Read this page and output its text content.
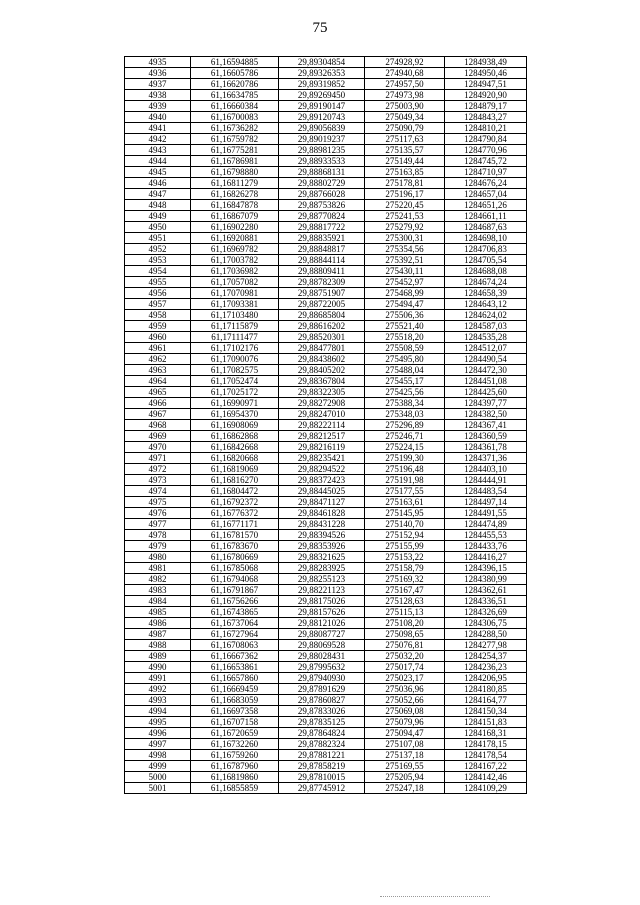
75
4935	61,16594885	29,89304854	274928,92	1284938,49
4936	61,16605786	29,89326353	274940,68	1284950,46
4937	61,16620786	29,89319852	274957,50	1284947,51
4938	61,16634785	29,89269450	274973,98	1284920,90
4939	61,16660384	29,89190147	275003,90	1284879,17
4940	61,16700083	29,89120743	275049,34	1284843,27
4941	61,16736282	29,89056839	275090,79	1284810,21
4942	61,16759782	29,89019237	275117,63	1284790,84
4943	61,16775281	29,88981235	275135,57	1284770,96
4944	61,16786981	29,88933533	275149,44	1284745,72
4945	61,16798880	29,88868131	275163,85	1284710,97
4946	61,16811279	29,88802729	275178,81	1284676,24
4947	61,16826278	29,88766028	275196,17	1284657,04
4948	61,16847878	29,88753826	275220,45	1284651,26
4949	61,16867079	29,88770824	275241,53	1284661,11
4950	61,16902280	29,88817722	275279,92	1284687,63
4951	61,16920881	29,88835921	275300,31	1284698,10
4952	61,16969782	29,88848817	275354,56	1284706,83
4953	61,17003782	29,88844114	275392,51	1284705,54
4954	61,17036982	29,88809411	275430,11	1284688,08
4955	61,17057082	29,88782309	275452,97	1284674,24
4956	61,17070981	29,88751907	275468,99	1284658,39
4957	61,17093381	29,88722005	275494,47	1284643,12
4958	61,17103480	29,88685804	275506,36	1284624,02
4959	61,17115879	29,88616202	275521,40	1284587,03
4960	61,17111477	29,88520301	275518,20	1284535,28
4961	61,17102176	29,88477801	275508,59	1284512,07
4962	61,17090076	29,88438602	275495,80	1284490,54
4963	61,17082575	29,88405202	275488,04	1284472,30
4964	61,17052474	29,88367804	275455,17	1284451,08
4965	61,17025172	29,88322305	275425,56	1284425,60
4966	61,16990971	29,88272908	275388,34	1284397,77
4967	61,16954370	29,88247010	275348,03	1284382,50
4968	61,16908069	29,88222114	275296,89	1284367,41
4969	61,16862868	29,88212517	275246,71	1284360,59
4970	61,16842668	29,88216119	275224,15	1284361,78
4971	61,16820668	29,88235421	275199,30	1284371,36
4972	61,16819069	29,88294522	275196,48	1284403,10
4973	61,16816270	29,88372423	275191,98	1284444,91
4974	61,16804472	29,88445025	275177,55	1284483,54
4975	61,16792372	29,88471127	275163,61	1284497,14
4976	61,16776372	29,88461828	275145,95	1284491,55
4977	61,16771171	29,88431228	275140,70	1284474,89
4978	61,16781570	29,88394526	275152,94	1284455,53
4979	61,16783670	29,88353926	275155,99	1284433,76
4980	61,16780669	29,88321625	275153,22	1284416,27
4981	61,16785068	29,88283925	275158,79	1284396,15
4982	61,16794068	29,88255123	275169,32	1284380,99
4983	61,16791867	29,88221123	275167,47	1284362,61
4984	61,16756266	29,88175026	275128,63	1284336,51
4985	61,16743865	29,88157626	275115,13	1284326,69
4986	61,16737064	29,88121026	275108,20	1284306,75
4987	61,16727964	29,88087727	275098,65	1284288,50
4988	61,16708063	29,88069528	275076,81	1284277,98
4989	61,16667362	29,88028431	275032,20	1284254,37
4990	61,16653861	29,87995632	275017,74	1284236,23
4991	61,16657860	29,87940930	275023,17	1284206,95
4992	61,16669459	29,87891629	275036,96	1284180,85
4993	61,16683059	29,87860827	275052,66	1284164,77
4994	61,16697358	29,87833026	275069,08	1284150,34
4995	61,16707158	29,87835125	275079,96	1284151,83
4996	61,16720659	29,87864824	275094,47	1284168,31
4997	61,16732260	29,87882324	275107,08	1284178,15
4998	61,16759260	29,87881221	275137,18	1284178,54
4999	61,16787960	29,87858219	275169,55	1284167,22
5000	61,16819860	29,87810015	275205,94	1284142,46
5001	61,16855859	29,87745912	275247,18	1284109,29
